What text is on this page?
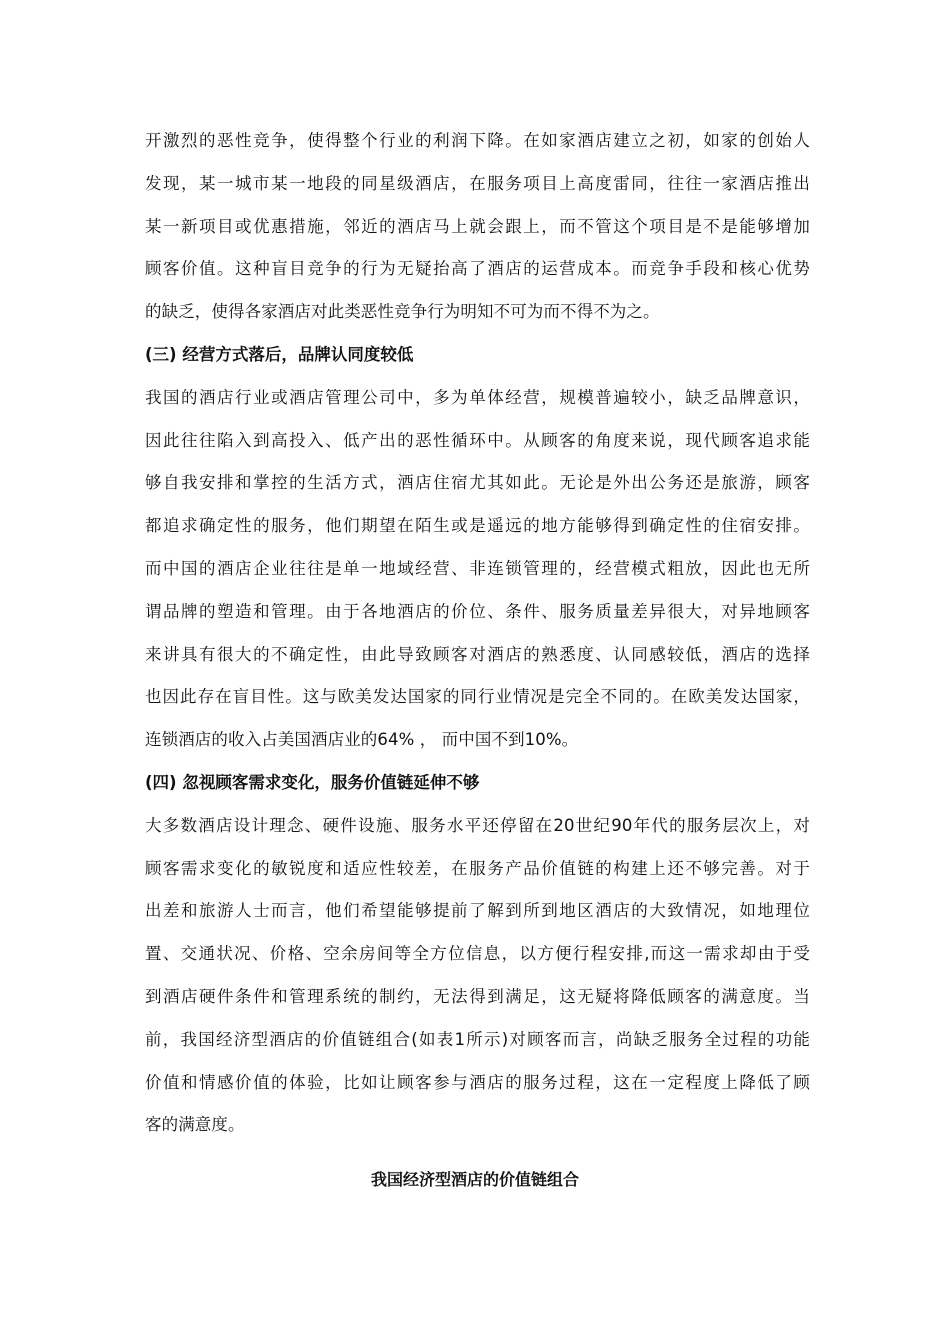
开激烈的恶性竞争，使得整个行业的利润下降。在如家酒店建立之初，如家的创始人
发现，某一城市某一地段的同星级酒店，在服务项目上高度雷同，往往一家酒店推出
某一新项目或优惠措施，邻近的酒店马上就会跟上，而不管这个项目是不是能够增加
顾客价值。这种盲目竞争的行为无疑抬高了酒店的运营成本。而竞争手段和核心优势
的缺乏，使得各家酒店对此类恶性竞争行为明知不可为而不得不为之。
(三) 经营方式落后，品牌认同度较低
我国的酒店行业或酒店管理公司中，多为单体经营，规模普遍较小，缺乏品牌意识，
因此往往陷入到高投入、低产出的恶性循环中。从顾客的角度来说，现代顾客追求能
够自我安排和掌控的生活方式，酒店住宿尤其如此。无论是外出公务还是旅游，顾客
都追求确定性的服务，他们期望在陌生或是遥远的地方能够得到确定性的住宿安排。
而中国的酒店企业往往是单一地域经营、非连锁管理的，经营模式粗放，因此也无所
谓品牌的塑造和管理。由于各地酒店的价位、条件、服务质量差异很大，对异地顾客
来讲具有很大的不确定性，由此导致顾客对酒店的熟悉度、认同感较低，酒店的选择
也因此存在盲目性。这与欧美发达国家的同行业情况是完全不同的。在欧美发达国家，
连锁酒店的收入占美国酒店业的64% ， 而中国不到10%。
(四) 忽视顾客需求变化，服务价值链延伸不够
大多数酒店设计理念、硬件设施、服务水平还停留在20世纪90年代的服务层次上，对
顾客需求变化的敏锐度和适应性较差，在服务产品价值链的构建上还不够完善。对于
出差和旅游人士而言，他们希望能够提前了解到所到地区酒店的大致情况，如地理位
置、交通状况、价格、空余房间等全方位信息，以方便行程安排,而这一需求却由于受
到酒店硬件条件和管理系统的制约，无法得到满足，这无疑将降低顾客的满意度。当
前，我国经济型酒店的价值链组合(如表1所示)对顾客而言，尚缺乏服务全过程的功能
价值和情感价值的体验，比如让顾客参与酒店的服务过程，这在一定程度上降低了顾
客的满意度。
我国经济型酒店的价值链组合
